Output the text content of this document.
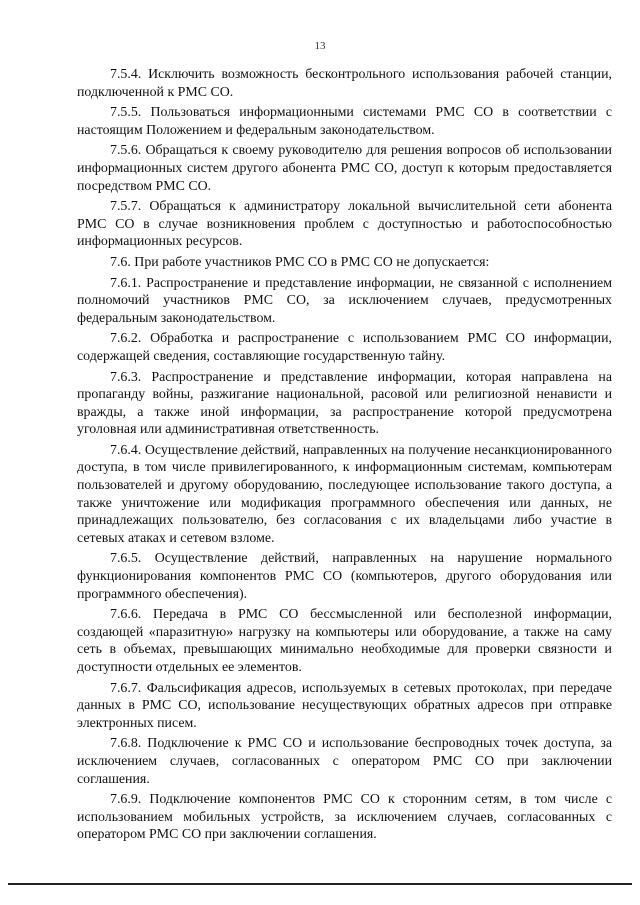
13

7.5.4. Исключить возможность бесконтрольного использования рабочей станции, подключенной к РМС СО.

7.5.5. Пользоваться информационными системами РМС СО в соответствии с настоящим Положением и федеральным законодательством.

7.5.6. Обращаться к своему руководителю для решения вопросов об использовании информационных систем другого абонента РМС СО, доступ к которым предоставляется посредством РМС СО.

7.5.7. Обращаться к администратору локальной вычислительной сети абонента РМС СО в случае возникновения проблем с доступностью и работоспособностью информационных ресурсов.

7.6. При работе участников РМС СО в РМС СО не допускается:

7.6.1. Распространение и представление информации, не связанной с исполнением полномочий участников РМС СО, за исключением случаев, предусмотренных федеральным законодательством.

7.6.2. Обработка и распространение с использованием РМС СО информации, содержащей сведения, составляющие государственную тайну.

7.6.3. Распространение и представление информации, которая направлена на пропаганду войны, разжигание национальной, расовой или религиозной ненависти и вражды, а также иной информации, за распространение которой предусмотрена уголовная или административная ответственность.

7.6.4. Осуществление действий, направленных на получение несанкционированного доступа, в том числе привилегированного, к информационным системам, компьютерам пользователей и другому оборудованию, последующее использование такого доступа, а также уничтожение или модификация программного обеспечения или данных, не принадлежащих пользователю, без согласования с их владельцами либо участие в сетевых атаках и сетевом взломе.

7.6.5. Осуществление действий, направленных на нарушение нормального функционирования компонентов РМС СО (компьютеров, другого оборудования или программного обеспечения).

7.6.6. Передача в РМС СО бессмысленной или бесполезной информации, создающей «паразитную» нагрузку на компьютеры или оборудование, а также на саму сеть в объемах, превышающих минимально необходимые для проверки связности и доступности отдельных ее элементов.

7.6.7. Фальсификация адресов, используемых в сетевых протоколах, при передаче данных в РМС СО, использование несуществующих обратных адресов при отправке электронных писем.

7.6.8. Подключение к РМС СО и использование беспроводных точек доступа, за исключением случаев, согласованных с оператором РМС СО при заключении соглашения.

7.6.9. Подключение компонентов РМС СО к сторонним сетям, в том числе с использованием мобильных устройств, за исключением случаев, согласованных с оператором РМС СО при заключении соглашения.
